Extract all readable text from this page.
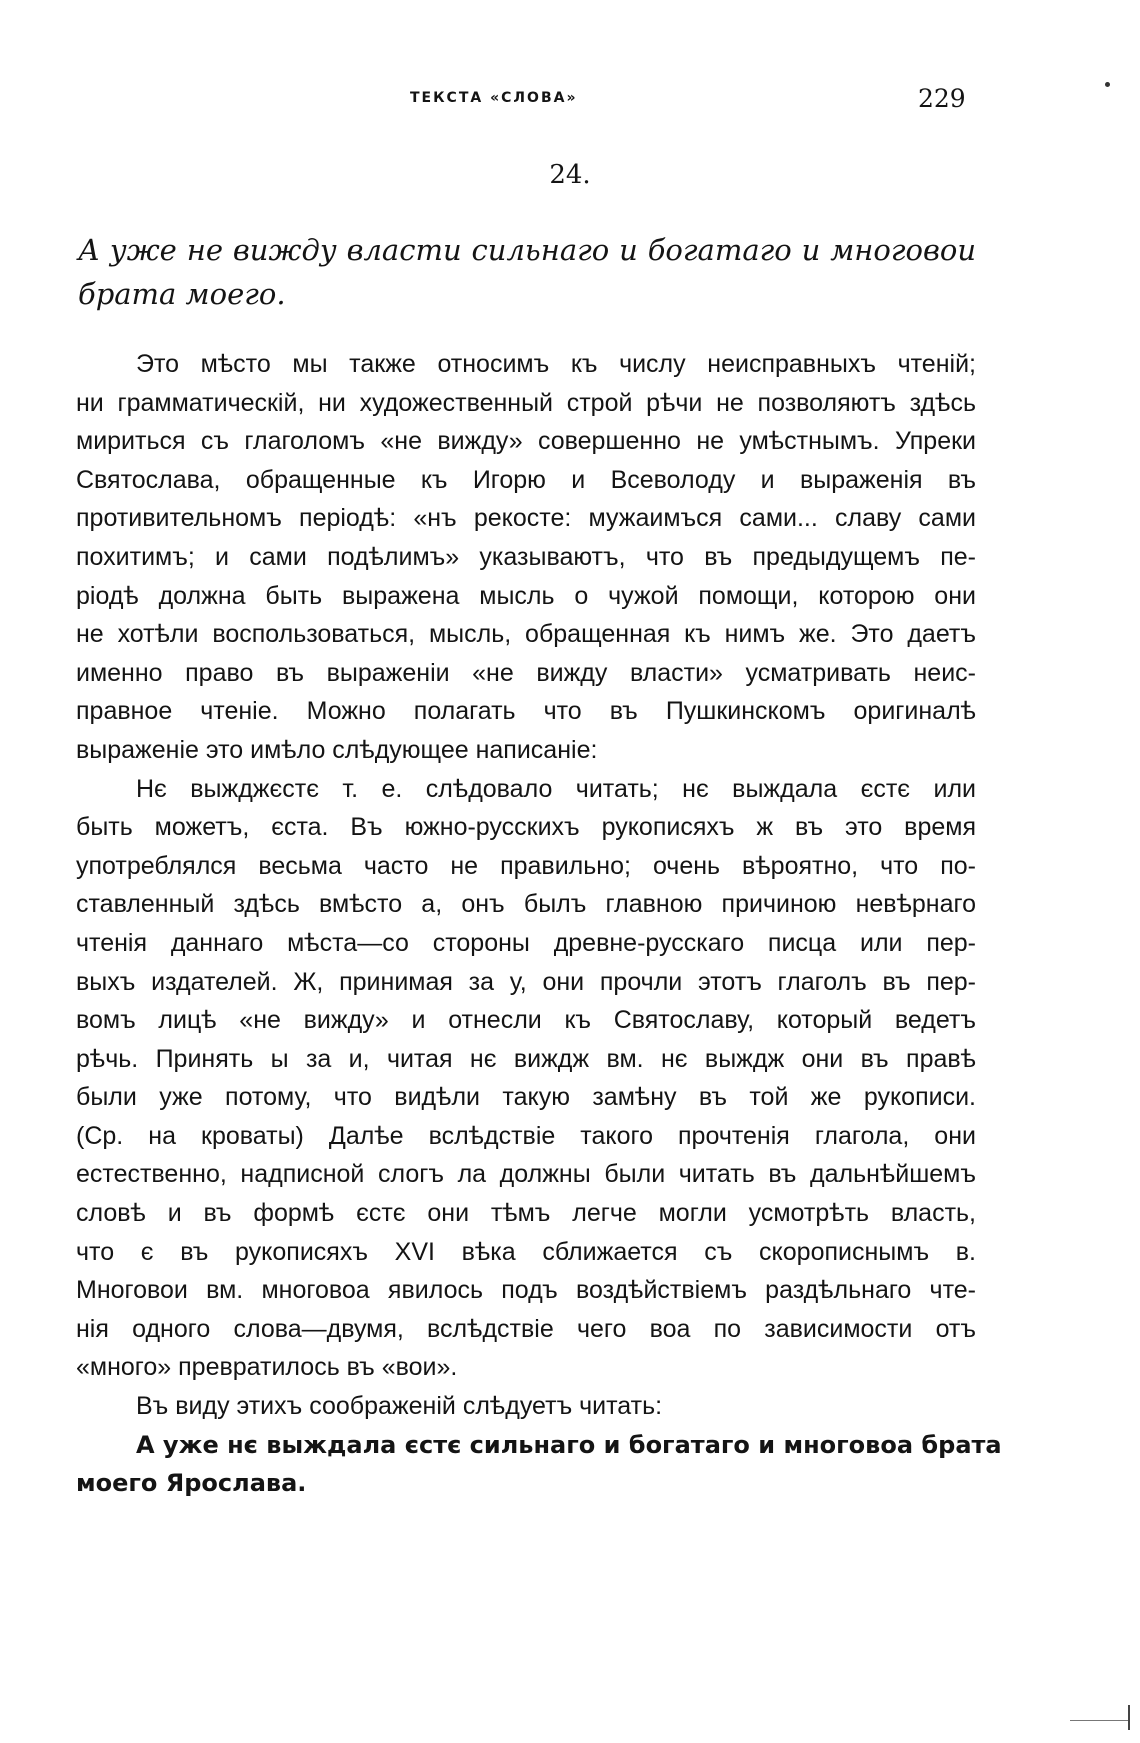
ТЕКСТА «СЛОВА»	229
24.
А уже не вижду власти сильнаго и богатаго и многовои
брата моего.
Это мѣсто мы также относимъ къ числу неисправныхъ чтенiй;
ни грамматическiй, ни художественный строй рѣчи не позволяютъ здѣсь
мириться съ глаголомъ «не вижду» совершенно не умѣстнымъ. Упреки
Святослава, обращенные къ Игорю и Всеволоду и выраженiя въ
противительномъ перiодѣ: «нъ рекосте: мужаимъся сами... славу сами
похитимъ; и сами подѣлимъ» указываютъ, что въ предыдущемъ пе-
рiодѣ должна быть выражена мысль о чужой помощи, которою они
не хотѣли воспользоваться, мысль, обращенная къ нимъ же. Это даетъ
именно право въ выраженiи «не вижду власти» усматривать неис-
правное чтенiе. Можно полагать что въ Пушкинскомъ оригиналѣ
выраженiе это имѣло слѣдующее написанiе:
Нє выжджєстє т. е. слѣдовало читать; нє выждала єстє или
быть можетъ, єста. Въ южно-русскихъ рукописяхъ ж въ это время
употреблялся весьма часто не правильно; очень вѣроятно, что по-
ставленный здѣсь вмѣсто а, онъ былъ главною причиною невѣрнаго
чтенiя даннаго мѣста—со стороны древне-русскаго писца или пер-
выхъ издателей. Ж, принимая за у, они прочли этотъ глаголъ въ пер-
вомъ лицѣ «не вижду» и отнесли къ Святославу, который ведетъ
рѣчь. Принять ы за и, читая нє виждж вм. нє выждж они въ правѣ
были уже потому, что видѣли такую замѣну въ той же рукописи.
(Ср. на кроваты) Далѣе вслѣдствiе такого прочтенiя глагола, они
естественно, надписной слогъ ла должны были читать въ дальнѣйшемъ
словѣ и въ формѣ єстє они тѣмъ легче могли усмотрѣть власть,
что є въ рукописяхъ XVI вѣка сближается съ скорописнымъ в.
Многовои вм. многовоа явилось подъ воздѣйствiемъ раздѣльнаго чте-
нiя одного слова—двумя, вслѣдствiе чего воа по зависимости отъ
«много» превратилось въ «вои».
Въ виду этихъ соображенiй слѣдуетъ читать:
А уже нє выждала єстє сильнаго и богатаго и многовоа брата
моего Ярослава.
